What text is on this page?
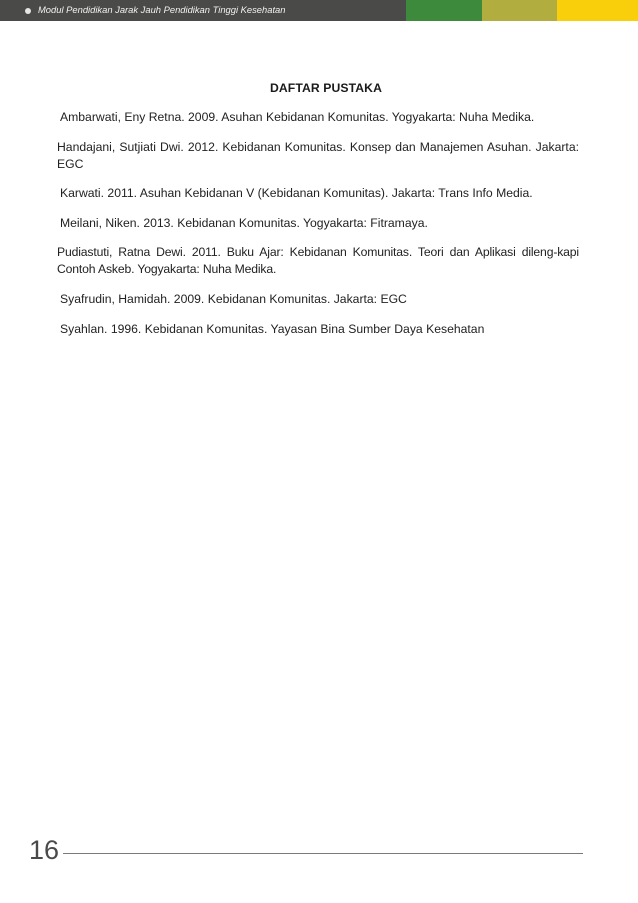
Modul Pendidikan Jarak Jauh Pendidikan Tinggi Kesehatan
DAFTAR PUSTAKA

Ambarwati, Eny Retna. 2009. Asuhan Kebidanan Komunitas. Yogyakarta: Nuha Medika.

Handajani, Sutjiati Dwi. 2012. Kebidanan Komunitas. Konsep dan Manajemen Asuhan. Jakarta: EGC

Karwati. 2011. Asuhan Kebidanan V (Kebidanan Komunitas). Jakarta: Trans Info Media.

Meilani, Niken. 2013. Kebidanan Komunitas. Yogyakarta: Fitramaya.

Pudiastuti, Ratna Dewi. 2011. Buku Ajar: Kebidanan Komunitas. Teori dan Aplikasi dileng-kapi Contoh Askeb. Yogyakarta: Nuha Medika.

Syafrudin, Hamidah. 2009. Kebidanan Komunitas. Jakarta: EGC

Syahlan. 1996. Kebidanan Komunitas. Yayasan Bina Sumber Daya Kesehatan

16
